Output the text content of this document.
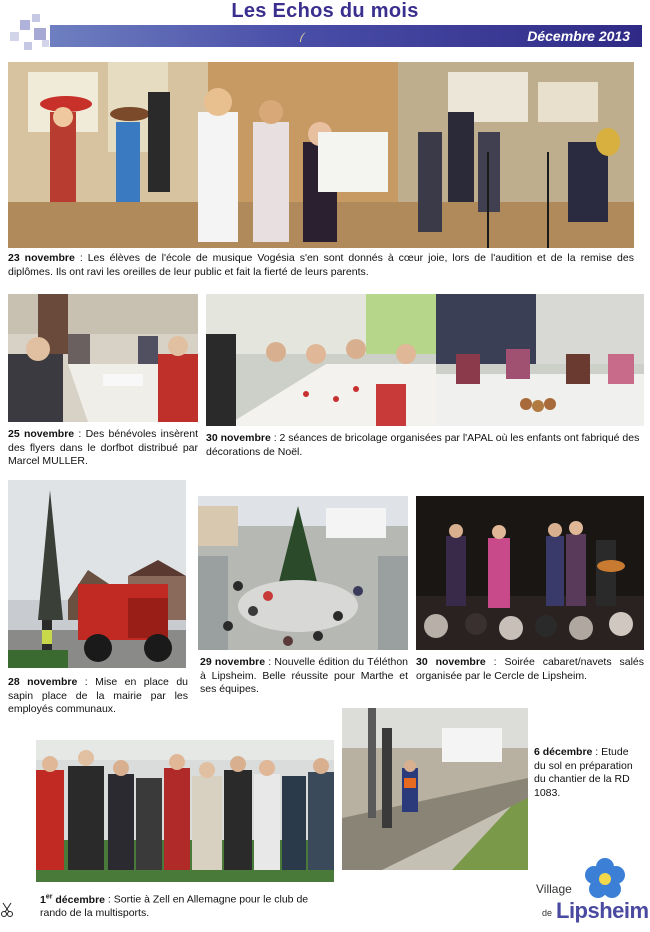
Les Echos du mois
Décembre 2013
23 novembre : Les élèves de l'école de musique Vogésia s'en sont donnés à cœur joie, lors de l'audition et de la remise des diplômes. Ils ont ravi les oreilles de leur public et fait la fierté de leurs parents.
25 novembre : Des bénévoles insèrent des flyers dans le dorfbot distribué par Marcel MULLER.
30 novembre : 2 séances de bricolage organisées par l'APAL où les enfants ont fabriqué des décorations de Noël.
28 novembre : Mise en place du sapin place de la mairie par les employés communaux.
29 novembre : Nouvelle édition du Téléthon à Lipsheim. Belle réussite pour Marthe et ses équipes.
30 novembre : Soirée cabaret/navets salés organisée par le Cercle de Lipsheim.
6 décembre : Etude du sol en préparation du chantier de la RD 1083.
1er décembre : Sortie à Zell en Allemagne pour le club de rando de la multisports.
Village
de Lipsheim
